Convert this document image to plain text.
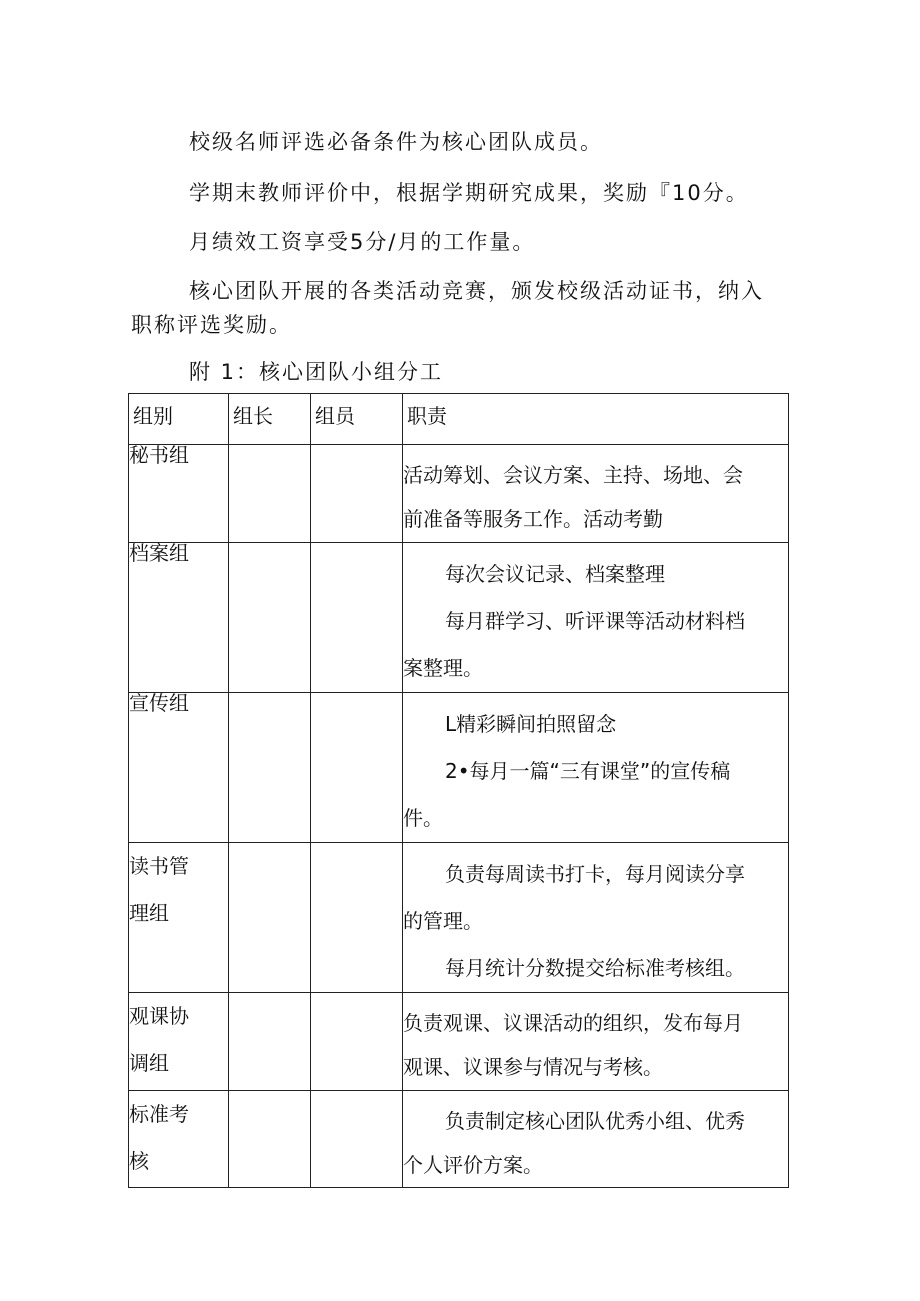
校级名师评选必备条件为核心团队成员。

学期末教师评价中，根据学期研究成果，奖励『10分。

月绩效工资享受5分/月的工作量。

核心团队开展的各类活动竞赛，颁发校级活动证书，纳入

职称评选奖励。

附 1：核心团队小组分工

组别	组长	组员	职责

秘书组			活动筹划、会议方案、主持、场地、会
前准备等服务工作。活动考勤

档案组			每次会议记录、档案整理
每月群学习、听评课等活动材料档
案整理。

宣传组			L精彩瞬间拍照留念
2•每月一篇“三有课堂”的宣传稿
件。

读书管
理组			负责每周读书打卡，每月阅读分享
的管理。
每月统计分数提交给标准考核组。

观课协
调组			负责观课、议课活动的组织，发布每月
观课、议课参与情况与考核。

标准考
核			负责制定核心团队优秀小组、优秀
个人评价方案。
